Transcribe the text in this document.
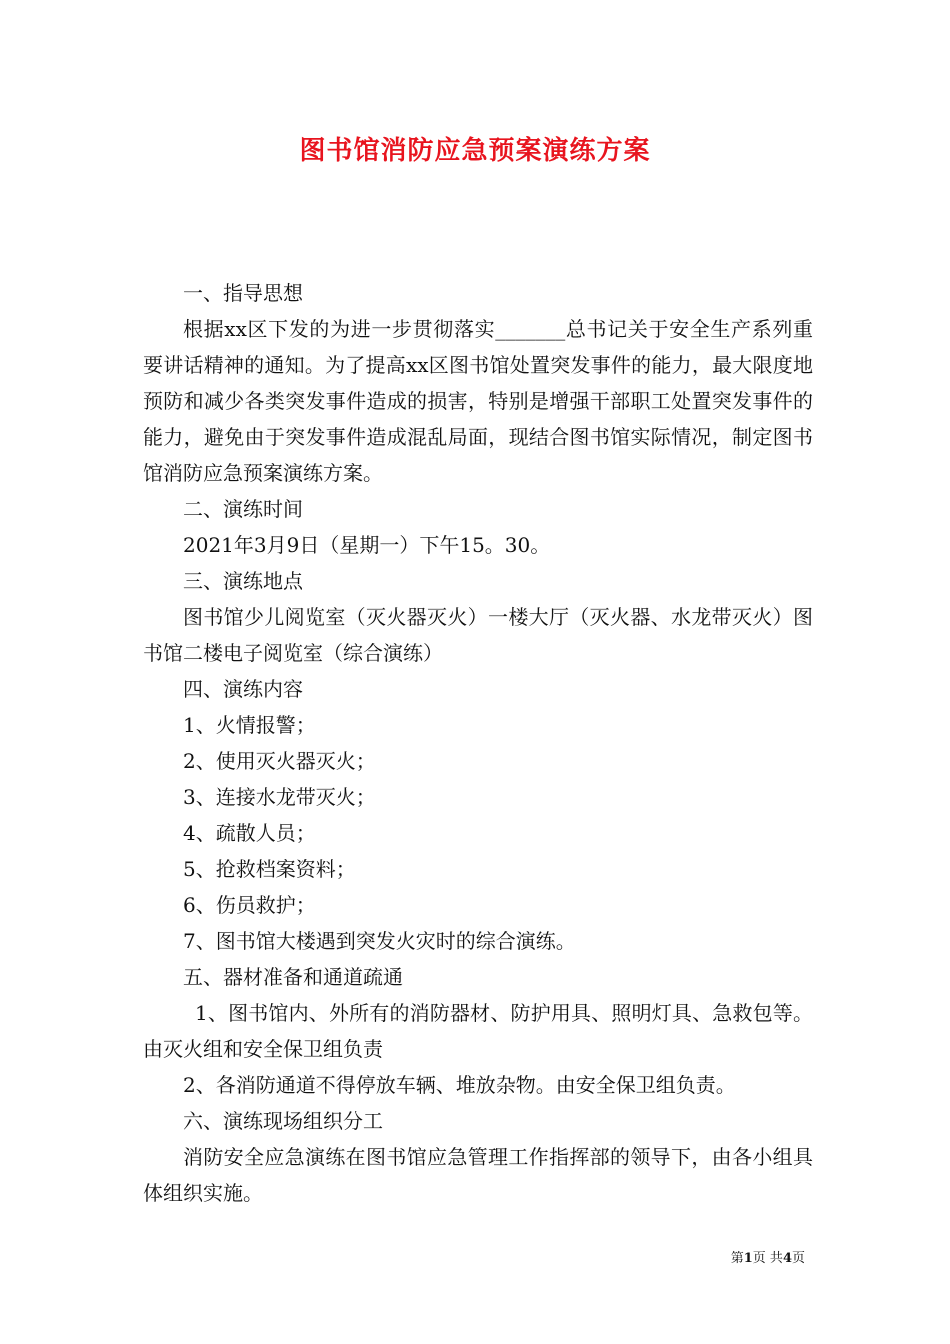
图书馆消防应急预案演练方案

一、指导思想

根据xx区下发的为进一步贯彻落实_______总书记关于安全生产系列重要讲话精神的通知。为了提高xx区图书馆处置突发事件的能力，最大限度地预防和减少各类突发事件造成的损害，特别是增强干部职工处置突发事件的能力，避免由于突发事件造成混乱局面，现结合图书馆实际情况，制定图书馆消防应急预案演练方案。

二、演练时间

2021年3月9日（星期一）下午15。30。

三、演练地点

图书馆少儿阅览室（灭火器灭火）一楼大厅（灭火器、水龙带灭火）图书馆二楼电子阅览室（综合演练）

四、演练内容

1、火情报警；

2、使用灭火器灭火；

3、连接水龙带灭火；

4、疏散人员；

5、抢救档案资料；

6、伤员救护；

7、图书馆大楼遇到突发火灾时的综合演练。

五、器材准备和通道疏通

1、图书馆内、外所有的消防器材、防护用具、照明灯具、急救包等。由灭火组和安全保卫组负责

2、各消防通道不得停放车辆、堆放杂物。由安全保卫组负责。

六、演练现场组织分工

消防安全应急演练在图书馆应急管理工作指挥部的领导下，由各小组具体组织实施。

第1页 共4页
